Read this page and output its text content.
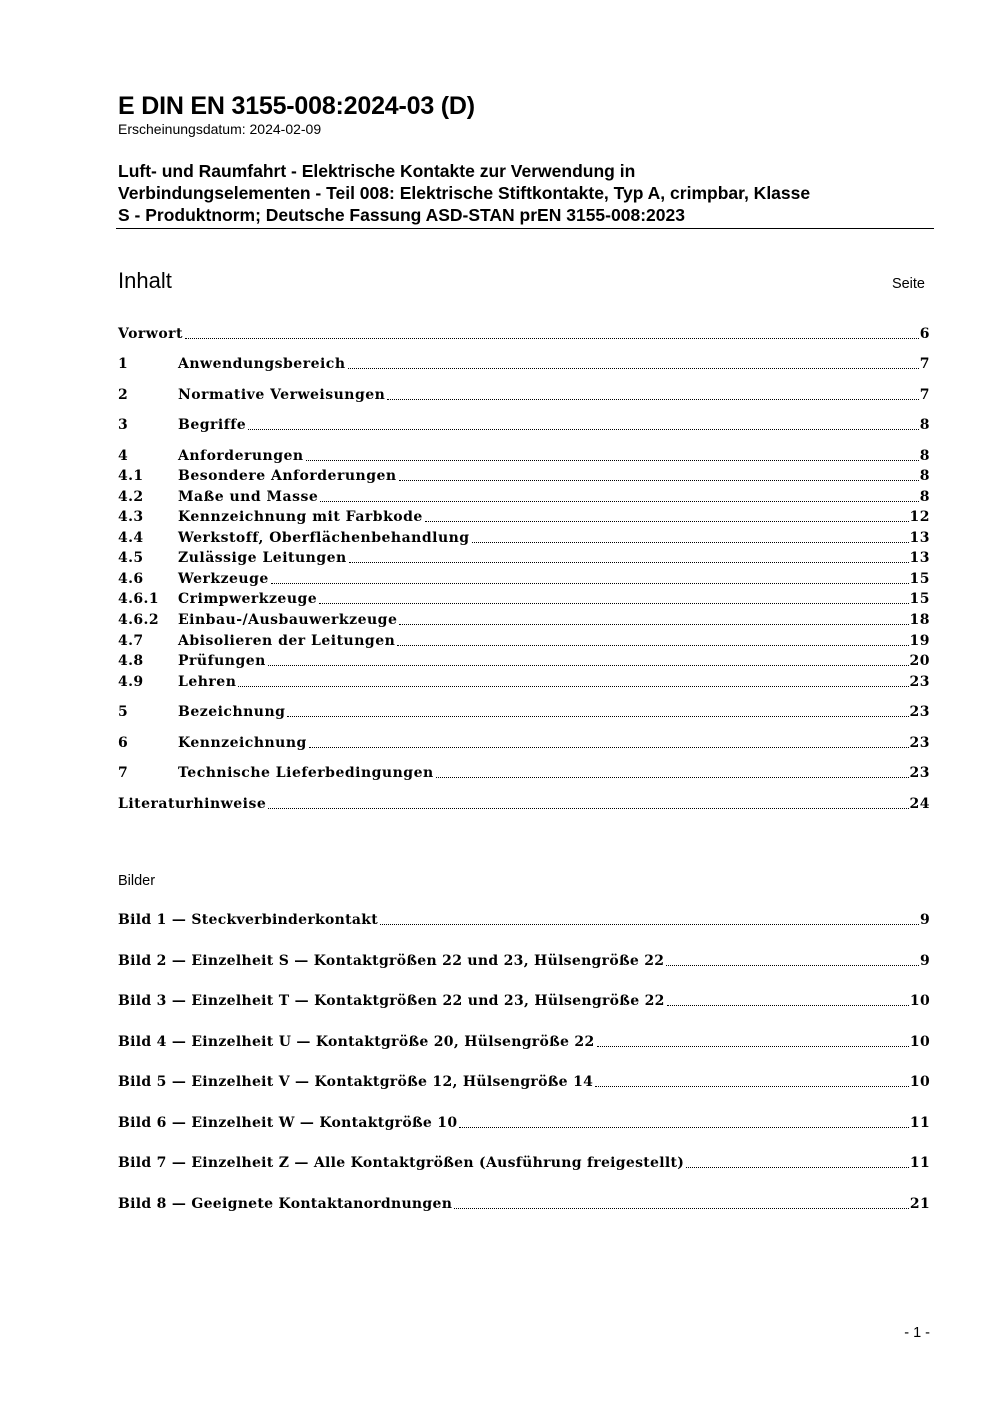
E DIN EN 3155-008:2024-03 (D)
Erscheinungsdatum: 2024-02-09
Luft- und Raumfahrt - Elektrische Kontakte zur Verwendung in
Verbindungselementen - Teil 008: Elektrische Stiftkontakte, Typ A, crimpbar, Klasse
S - Produktnorm; Deutsche Fassung ASD-STAN prEN 3155-008:2023
Inhalt	Seite
Vorwort	6
1	Anwendungsbereich	7
2	Normative Verweisungen	7
3	Begriffe	8
4	Anforderungen	8
4.1	Besondere Anforderungen	8
4.2	Maße und Masse	8
4.3	Kennzeichnung mit Farbkode	12
4.4	Werkstoff, Oberflächenbehandlung	13
4.5	Zulässige Leitungen	13
4.6	Werkzeuge	15
4.6.1	Crimpwerkzeuge	15
4.6.2	Einbau-/Ausbauwerkzeuge	18
4.7	Abisolieren der Leitungen	19
4.8	Prüfungen	20
4.9	Lehren	23
5	Bezeichnung	23
6	Kennzeichnung	23
7	Technische Lieferbedingungen	23
Literaturhinweise	24
Bilder
Bild 1 — Steckverbinderkontakt	9
Bild 2 — Einzelheit S — Kontaktgrößen 22 und 23, Hülsengröße 22	9
Bild 3 — Einzelheit T — Kontaktgrößen 22 und 23, Hülsengröße 22	10
Bild 4 — Einzelheit U — Kontaktgröße 20, Hülsengröße 22	10
Bild 5 — Einzelheit V — Kontaktgröße 12, Hülsengröße 14	10
Bild 6 — Einzelheit W — Kontaktgröße 10	11
Bild 7 — Einzelheit Z — Alle Kontaktgrößen (Ausführung freigestellt)	11
Bild 8 — Geeignete Kontaktanordnungen	21
- 1 -
